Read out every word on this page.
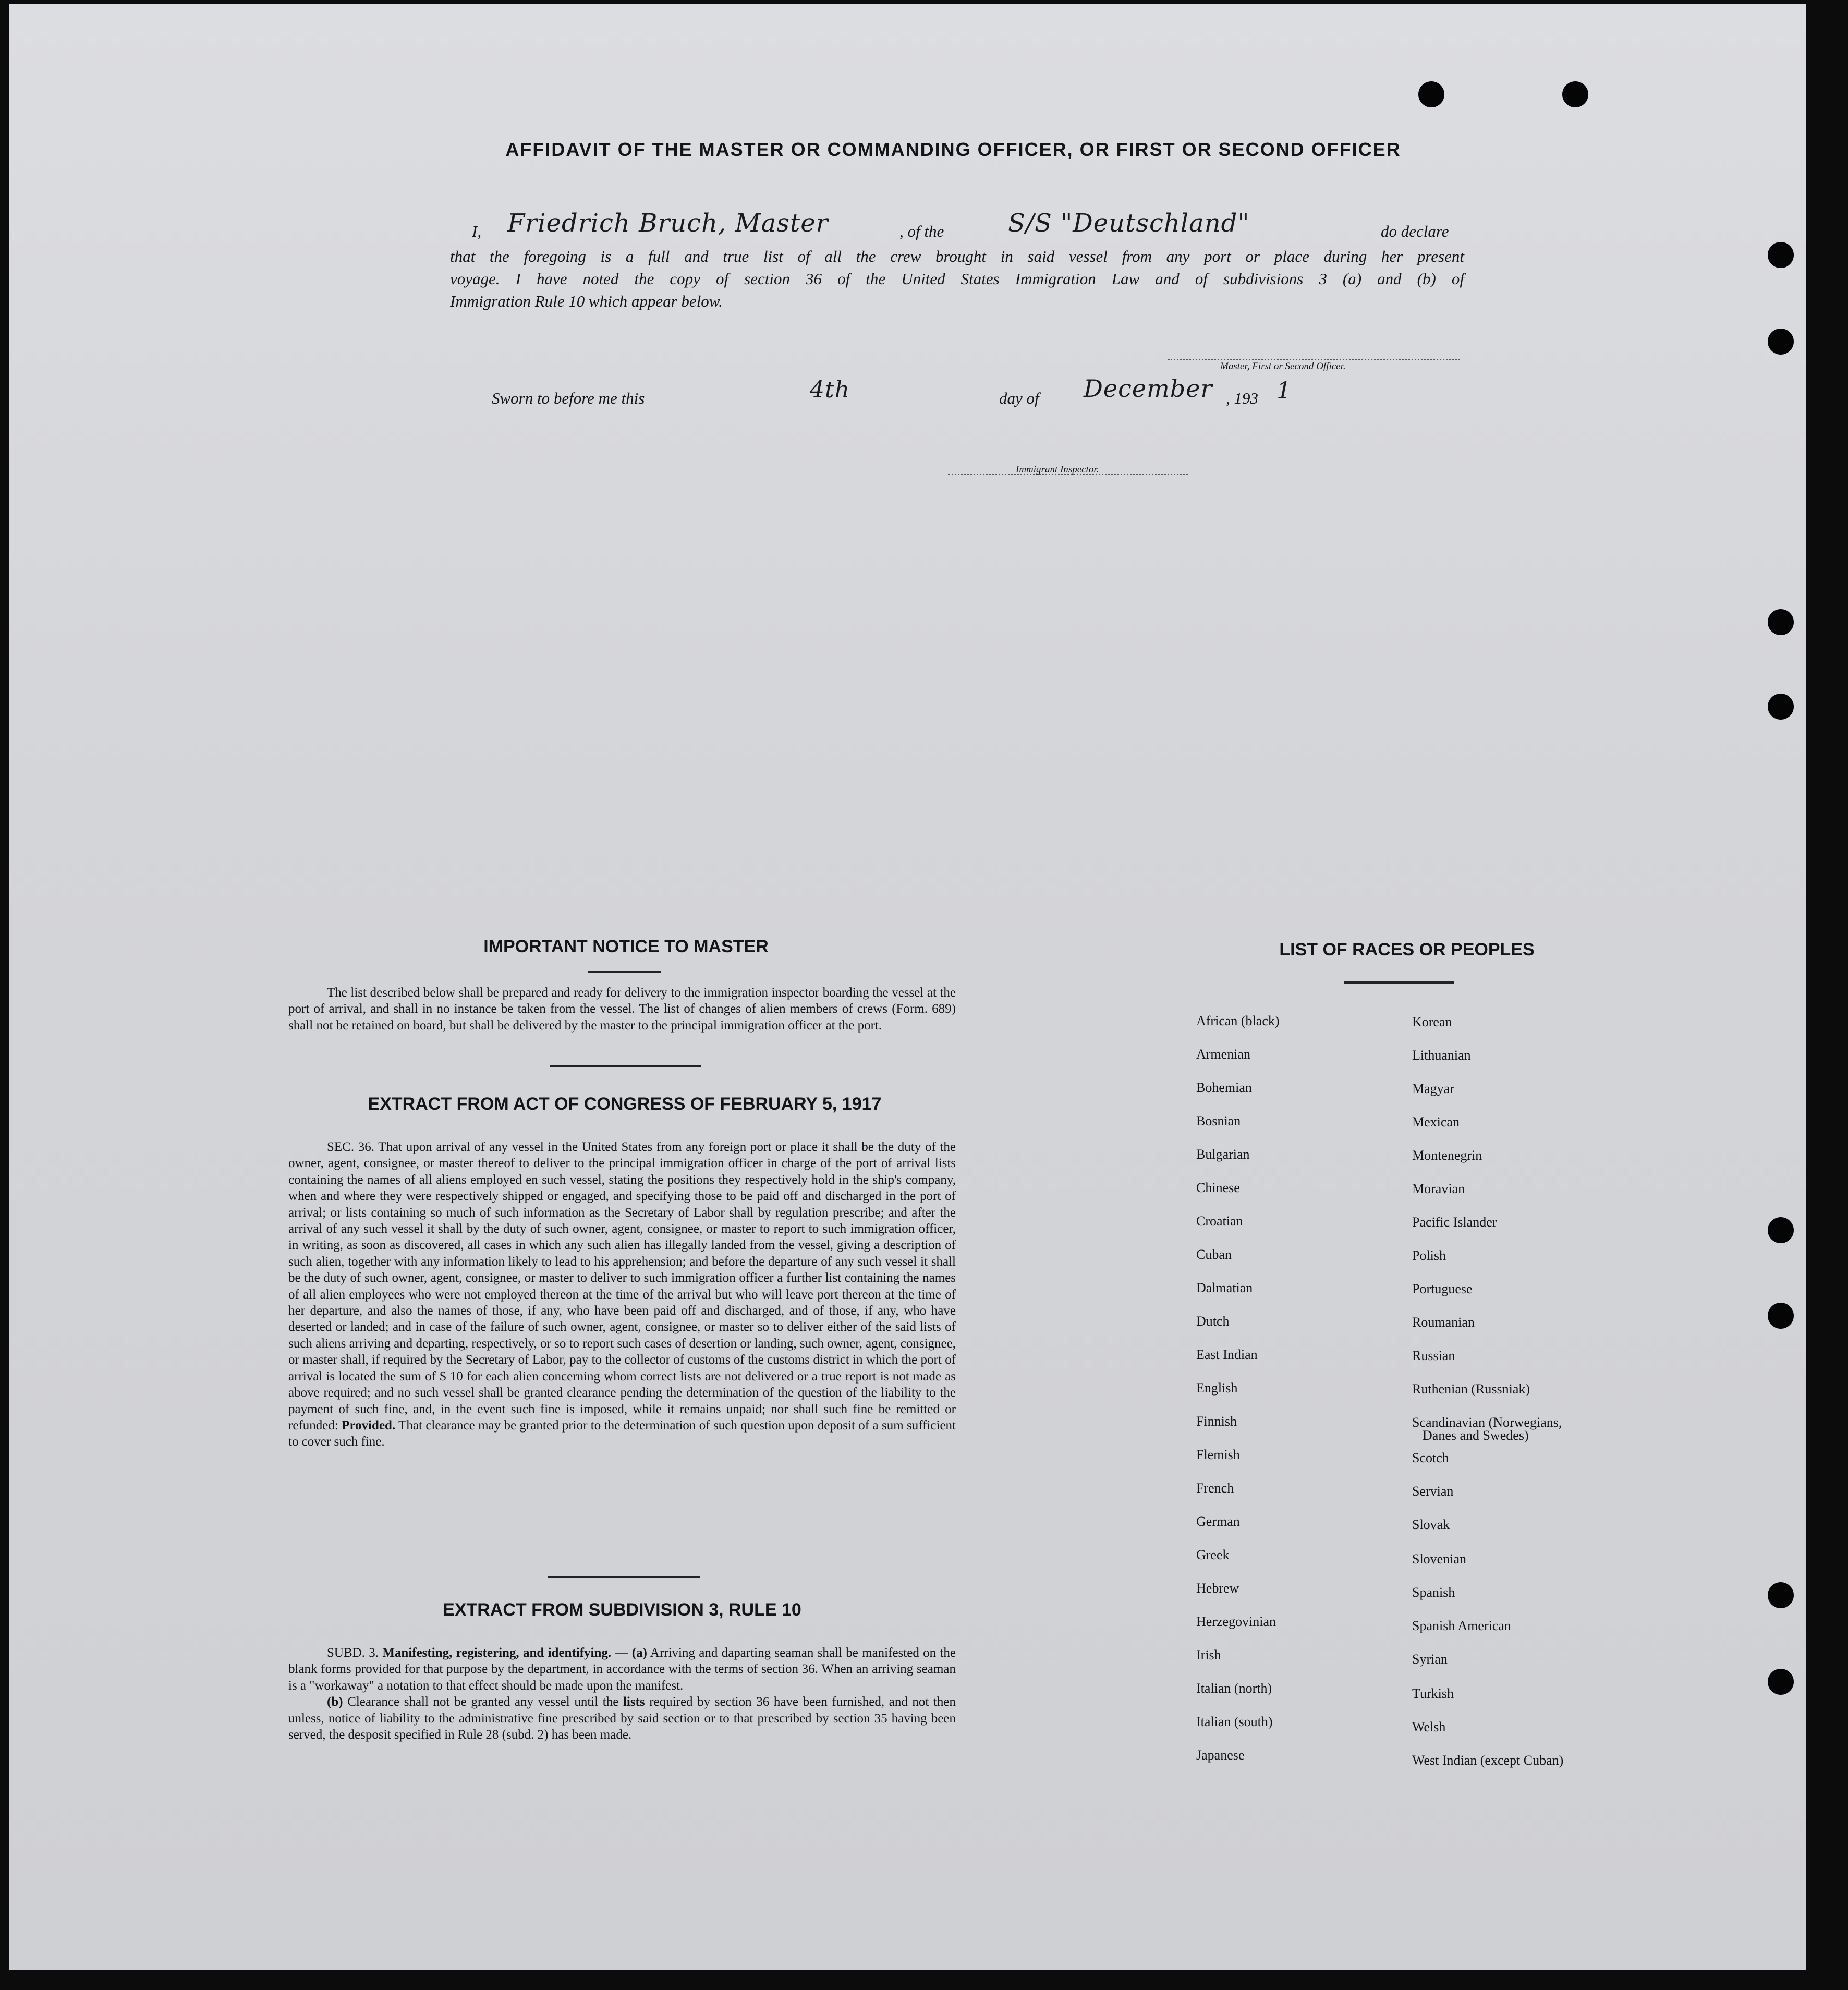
AFFIDAVIT OF THE MASTER OR COMMANDING OFFICER, OR FIRST OR SECOND OFFICER
I, Friedrich Bruch, Master	, of the	S/S "Deutschland"	do declare
that the foregoing is a full and true list of all the crew brought in said vessel from any port or place during her present
voyage. I have noted the copy of section 36 of the United States Immigration Law and of subdivisions 3 (a) and (b) of
Immigration Rule 10 which appear below.
Master, First or Second Officer.
Sworn to before me this	4th	day of December , 193 1
Immigrant Inspector.
IMPORTANT NOTICE TO MASTER

The list described below shall be prepared and ready for delivery to the immigration inspector boarding the vessel at the port of arrival, and shall in no instance be taken from the vessel. The list of changes of alien members of crews (Form. 689) shall not be retained on board, but shall be delivered by the master to the principal immigration officer at the port.

EXTRACT FROM ACT OF CONGRESS OF FEBRUARY 5, 1917

SEC. 36. That upon arrival of any vessel in the United States from any foreign port or place it shall be the duty of the owner, agent, consignee, or master thereof to deliver to the principal immigration officer in charge of the port of arrival lists containing the names of all aliens employed en such vessel, stating the positions they respectively hold in the ship's company, when and where they were respectively shipped or engaged, and specifying those to be paid off and discharged in the port of arrival; or lists containing so much of such information as the Secretary of Labor shall by regulation prescribe; and after the arrival of any such vessel it shall by the duty of such owner, agent, consignee, or master to report to such immigration officer, in writing, as soon as discovered, all cases in which any such alien has illegally landed from the vessel, giving a description of such alien, together with any information likely to lead to his apprehension; and before the departure of any such vessel it shall be the duty of such owner, agent, consignee, or master to deliver to such immigration officer a further list containing the names of all alien employees who were not employed thereon at the time of the arrival but who will leave port thereon at the time of her departure, and also the names of those, if any, who have been paid off and discharged, and of those, if any, who have deserted or landed; and in case of the failure of such owner, agent, consignee, or master so to deliver either of the said lists of such aliens arriving and departing, respectively, or so to report such cases of desertion or landing, such owner, agent, consignee, or master shall, if required by the Secretary of Labor, pay to the collector of customs of the customs district in which the port of arrival is located the sum of $ 10 for each alien concerning whom correct lists are not delivered or a true report is not made as above required; and no such vessel shall be granted clearance pending the determination of the question of the liability to the payment of such fine, and, in the event such fine is imposed, while it remains unpaid; nor shall such fine be remitted or refunded: Provided. That clearance may be granted prior to the determination of such question upon deposit of a sum sufficient to cover such fine.

EXTRACT FROM SUBDIVISION 3, RULE 10

SUBD. 3. Manifesting, registering, and identifying. — (a) Arriving and daparting seaman shall be manifested on the blank forms provided for that purpose by the department, in accordance with the terms of section 36. When an arriving seaman is a "workaway" a notation to that effect should be made upon the manifest.

(b) Clearance shall not be granted any vessel until the lists required by section 36 have been furnished, and not then unless, notice of liability to the administrative fine prescribed by said section or to that prescribed by section 35 having been served, the desposit specified in Rule 28 (subd. 2) has been made.

LIST OF RACES OR PEOPLES
African (black)
Armenian
Bohemian
Bosnian
Bulgarian
Chinese
Croatian
Cuban
Dalmatian
Dutch
East Indian
English
Finnish
Flemish
French
German
Greek
Hebrew
Herzegovinian
Irish
Italian (north)
Italian (south)
Japanese
Korean
Lithuanian
Magyar
Mexican
Montenegrin
Moravian
Pacific Islander
Polish
Portuguese
Roumanian
Russian
Ruthenian (Russniak)
Scandinavian (Norwegians,
Danes and Swedes)
Scotch
Servian
Slovak
Slovenian
Spanish
Spanish American
Syrian
Turkish
Welsh
West Indian (except Cuban)
